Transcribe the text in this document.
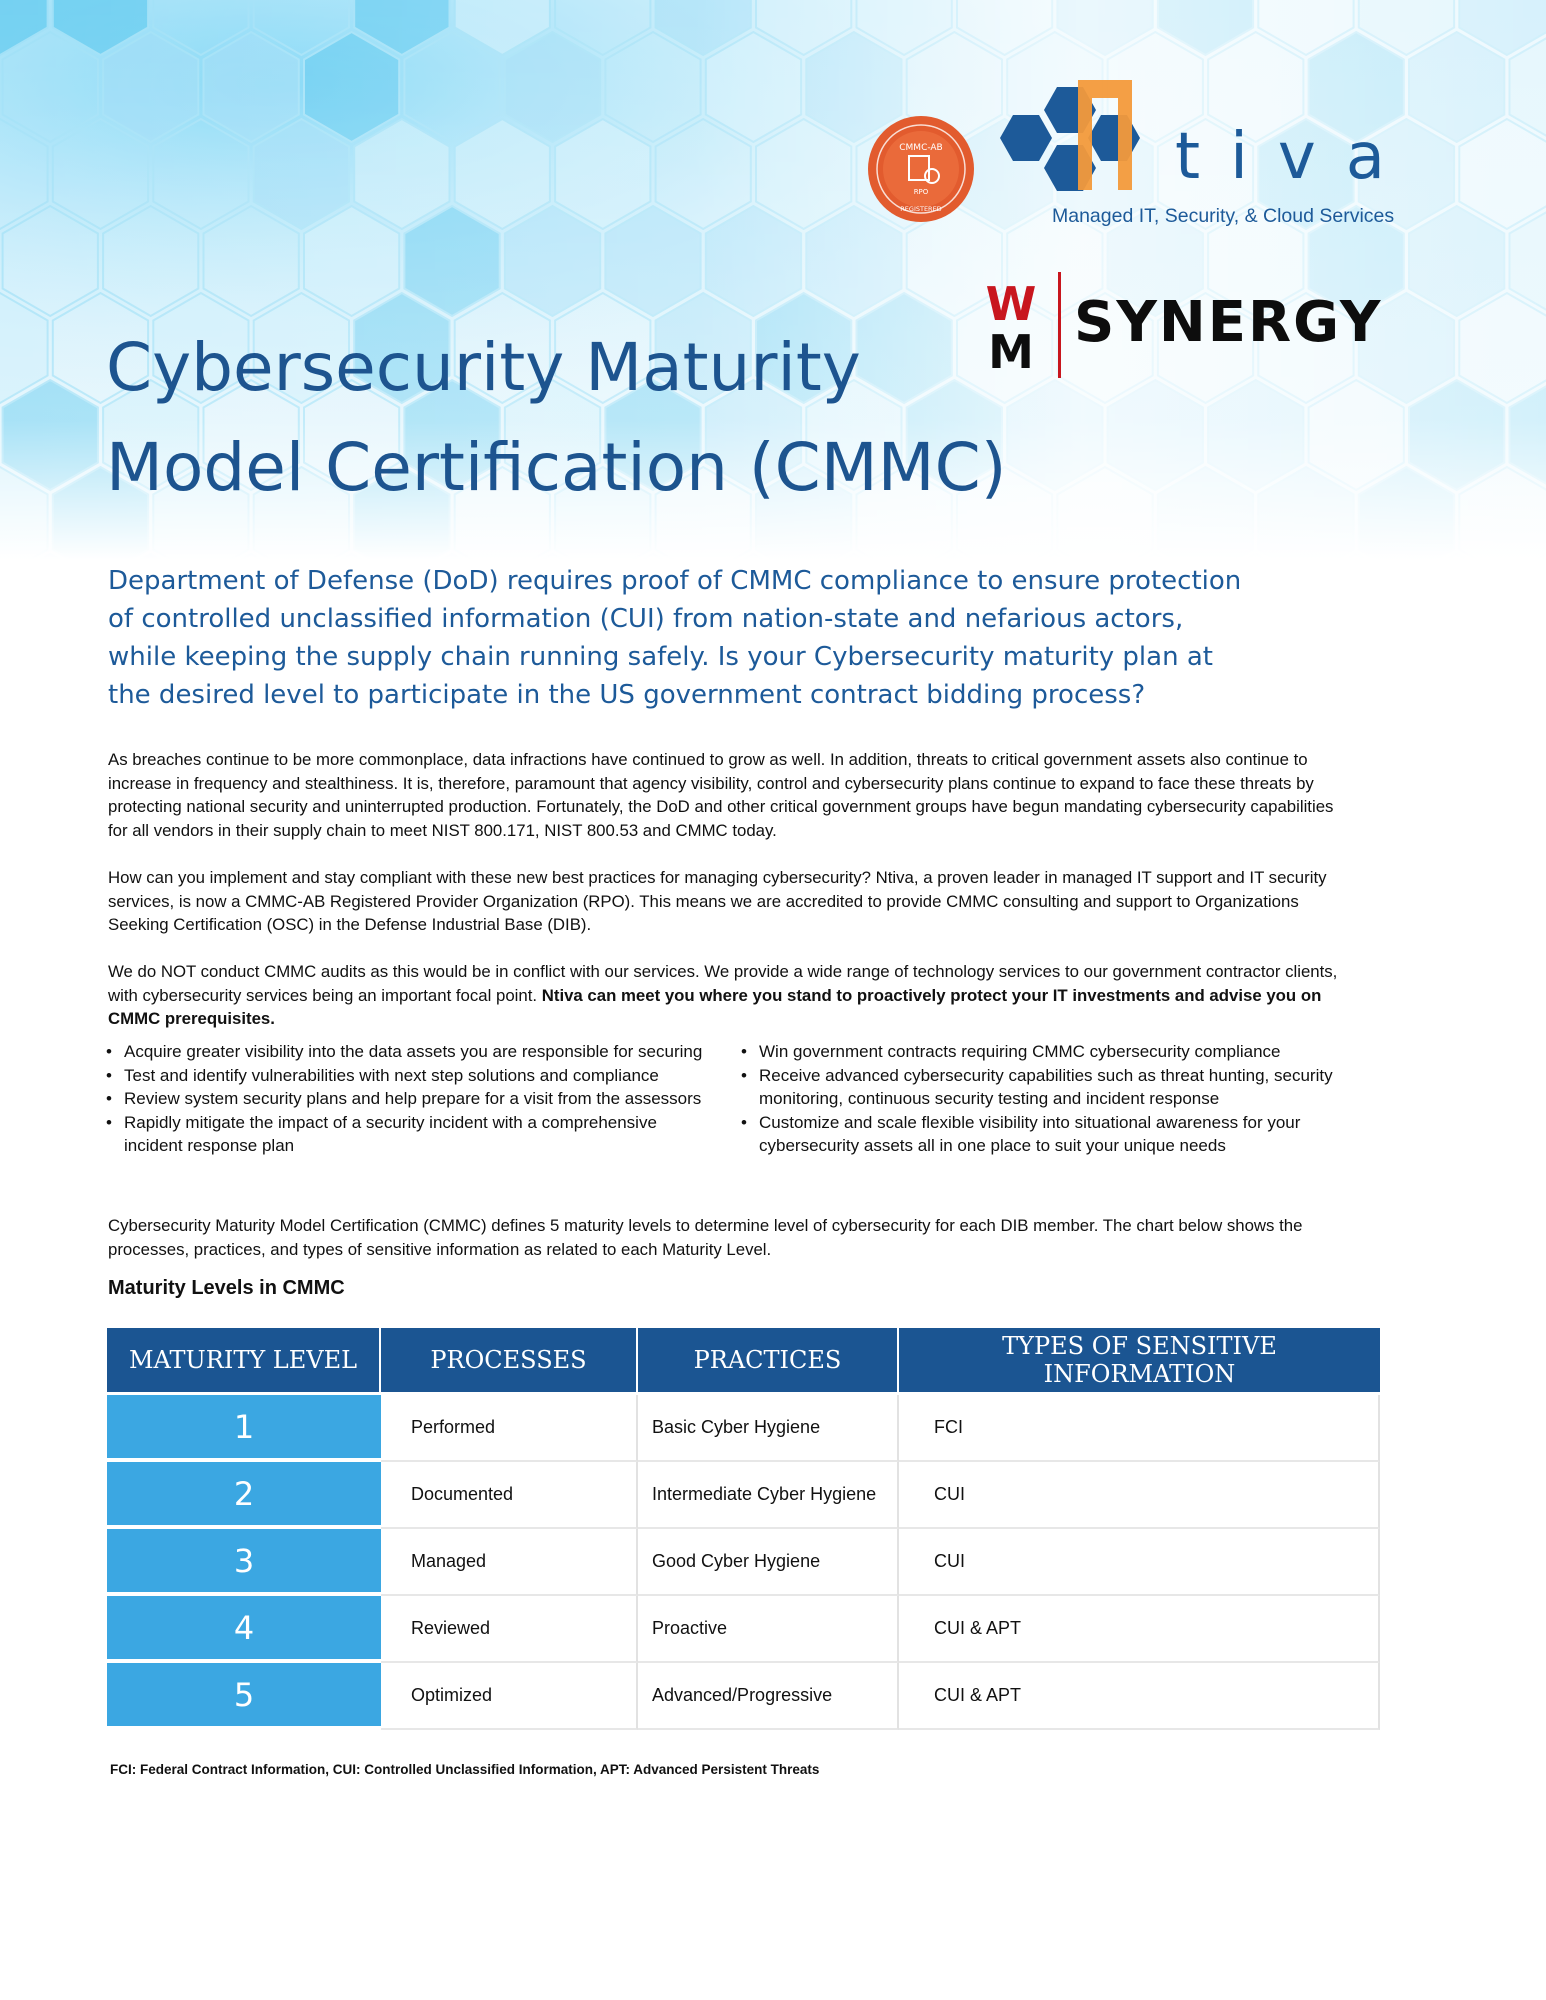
CMMC-AB
RPO
REGISTERED
tiva

Managed IT, Security, & Cloud Services

W
M SYNERGY

Cybersecurity Maturity
Model Certification (CMMC)

Department of Defense (DoD) requires proof of CMMC compliance to ensure protection of controlled unclassified information (CUI) from nation-state and nefarious actors, while keeping the supply chain running safely. Is your Cybersecurity maturity plan at the desired level to participate in the US government contract bidding process?

As breaches continue to be more commonplace, data infractions have continued to grow as well. In addition, threats to critical government assets also continue to increase in frequency and stealthiness. It is, therefore, paramount that agency visibility, control and cybersecurity plans continue to expand to face these threats by protecting national security and uninterrupted production. Fortunately, the DoD and other critical government groups have begun mandating cybersecurity capabilities for all vendors in their supply chain to meet NIST 800.171, NIST 800.53 and CMMC today.

How can you implement and stay compliant with these new best practices for managing cybersecurity? Ntiva, a proven leader in managed IT support and IT security services, is now a CMMC-AB Registered Provider Organization (RPO). This means we are accredited to provide CMMC consulting and support to Organizations Seeking Certification (OSC) in the Defense Industrial Base (DIB).

We do NOT conduct CMMC audits as this would be in conflict with our services. We provide a wide range of technology services to our government contractor clients, with cybersecurity services being an important focal point. Ntiva can meet you where you stand to proactively protect your IT investments and advise you on CMMC prerequisites.

• Acquire greater visibility into the data assets you are responsible for securing
• Test and identify vulnerabilities with next step solutions and compliance
• Review system security plans and help prepare for a visit from the assessors
• Rapidly mitigate the impact of a security incident with a comprehensive incident response plan
• Win government contracts requiring CMMC cybersecurity compliance
• Receive advanced cybersecurity capabilities such as threat hunting, security monitoring, continuous security testing and incident response
• Customize and scale flexible visibility into situational awareness for your cybersecurity assets all in one place to suit your unique needs

Cybersecurity Maturity Model Certification (CMMC) defines 5 maturity levels to determine level of cybersecurity for each DIB member. The chart below shows the processes, practices, and types of sensitive information as related to each Maturity Level.

Maturity Levels in CMMC

MATURITY LEVEL	PROCESSES	PRACTICES	TYPES OF SENSITIVE INFORMATION
1	Performed	Basic Cyber Hygiene	FCI
2	Documented	Intermediate Cyber Hygiene	CUI
3	Managed	Good Cyber Hygiene	CUI
4	Reviewed	Proactive	CUI & APT
5	Optimized	Advanced/Progressive	CUI & APT

FCI: Federal Contract Information, CUI: Controlled Unclassified Information, APT: Advanced Persistent Threats
